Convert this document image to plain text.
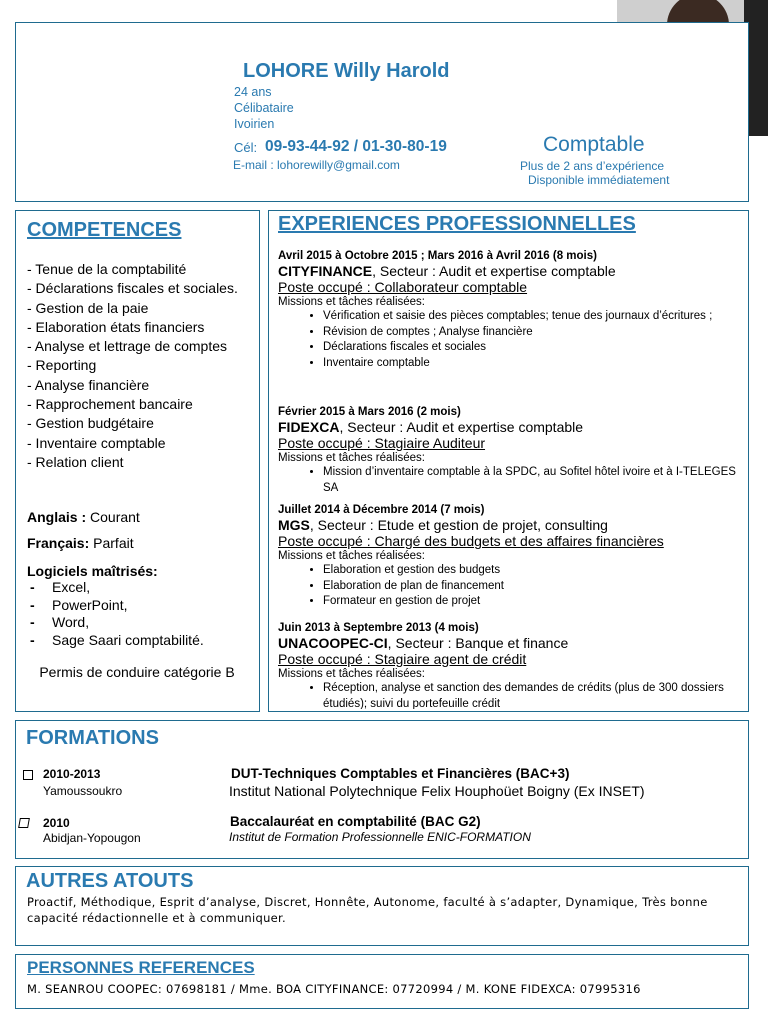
LOHORE Willy Harold
24 ans
Célibataire
Ivoirien
Cél: 09-93-44-92 / 01-30-80-19
E-mail : lohorewilly@gmail.com
Comptable
Plus de 2 ans d’expérience
Disponible immédiatement
COMPETENCES
- Tenue de la comptabilité
- Déclarations fiscales et sociales.
- Gestion de la paie
- Elaboration états financiers
- Analyse et lettrage de comptes
- Reporting
- Analyse financière
- Rapprochement bancaire
- Gestion budgétaire
- Inventaire comptable
- Relation client
Anglais : Courant
Français: Parfait
Logiciels maîtrisés:
- Excel,
- PowerPoint,
- Word,
- Sage Saari comptabilité.
Permis de conduire catégorie B
EXPERIENCES PROFESSIONNELLES
Avril 2015 à Octobre 2015 ; Mars 2016 à Avril 2016 (8 mois)
CITYFINANCE, Secteur : Audit et expertise comptable
Poste occupé : Collaborateur comptable
Missions et tâches réalisées:
• Vérification et saisie des pièces comptables; tenue des journaux d’écritures ;
• Révision de comptes ; Analyse financière
• Déclarations fiscales et sociales
• Inventaire comptable
Février 2015 à Mars 2016 (2 mois)
FIDEXCA, Secteur : Audit et expertise comptable
Poste occupé : Stagiaire Auditeur
Missions et tâches réalisées:
• Mission d’inventaire comptable à la SPDC, au Sofitel hôtel ivoire et à I-TELEGES SA
Juillet 2014 à Décembre 2014 (7 mois)
MGS, Secteur : Etude et gestion de projet, consulting
Poste occupé : Chargé des budgets et des affaires financières
Missions et tâches réalisées:
• Elaboration et gestion des budgets
• Elaboration de plan de financement
• Formateur en gestion de projet
Juin 2013 à Septembre 2013 (4 mois)
UNACOOPEC-CI, Secteur : Banque et finance
Poste occupé : Stagiaire agent de crédit
Missions et tâches réalisées:
• Réception, analyse et sanction des demandes de crédits (plus de 300 dossiers étudiés); suivi du portefeuille crédit
FORMATIONS
2010-2013
Yamoussoukro
DUT-Techniques Comptables et Financières (BAC+3)
Institut National Polytechnique Felix Houphoüet Boigny (Ex INSET)
2010
Abidjan-Yopougon
Baccalauréat en comptabilité (BAC G2)
Institut de Formation Professionnelle ENIC-FORMATION
AUTRES ATOUTS
Proactif, Méthodique, Esprit d’analyse, Discret, Honnête, Autonome, faculté à s’adapter, Dynamique, Très bonne capacité rédactionnelle et à communiquer.
PERSONNES REFERENCES
M. SEANROU COOPEC: 07698181 / Mme. BOA CITYFINANCE: 07720994 / M. KONE FIDEXCA: 07995316
